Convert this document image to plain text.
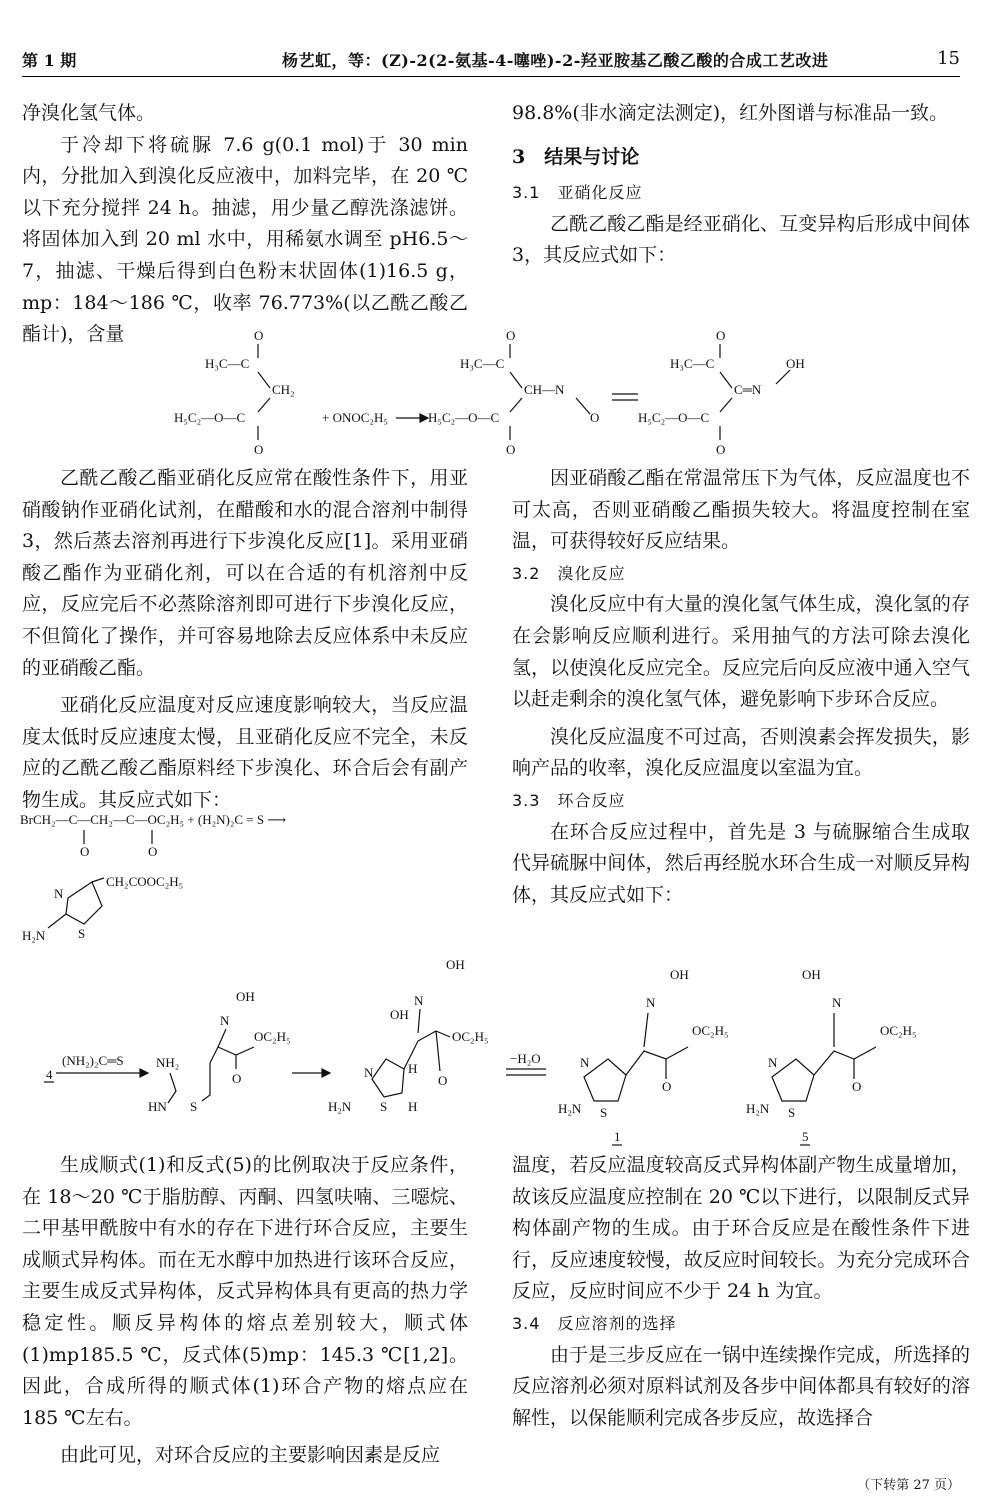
第 1 期	杨艺虹，等：(Z)-2(2-氨基-4-噻唑)-2-羟亚胺基乙酸乙酸的合成工艺改进	15

净溴化氢气体。

于冷却下将硫脲 7.6 g(0.1 mol)于 30 min 内，分批加入到溴化反应液中，加料完毕，在 20 ℃以下充分搅拌 24 h。抽滤，用少量乙醇洗涤滤饼。将固体加入到 20 ml 水中，用稀氨水调至 pH6.5～7，抽滤、干燥后得到白色粉末状固体(1)16.5 g，mp：184～186 ℃，收率 76.773%(以乙酰乙酸乙酯计)，含量

98.8%(非水滴定法测定)，红外图谱与标准品一致。

3　结果与讨论

3.1　亚硝化反应

乙酰乙酸乙酯是经亚硝化、互变异构后形成中间体 3，其反应式如下：

O
H₃C—C
CH₂
H₅C₂—O—C
O
+ ONOC₂H₅
O
H₃C—C
CH—N
O
H₅C₂—O—C
O
O
H₃C—C
C═N
OH
H₅C₂—O—C
O

乙酰乙酸乙酯亚硝化反应常在酸性条件下，用亚硝酸钠作亚硝化试剂，在醋酸和水的混合溶剂中制得 3，然后蒸去溶剂再进行下步溴化反应[1]。采用亚硝酸乙酯作为亚硝化剂，可以在合适的有机溶剂中反应，反应完后不必蒸除溶剂即可进行下步溴化反应，不但简化了操作，并可容易地除去反应体系中未反应的亚硝酸乙酯。

亚硝化反应温度对反应速度影响较大，当反应温度太低时反应速度太慢，且亚硝化反应不完全，未反应的乙酰乙酸乙酯原料经下步溴化、环合后会有副产物生成。其反应式如下：

BrCH₂—C—CH₂—C—OC₂H₅ + (H₂N)₂C = S ⟶
O	O
N
S
CH₂COOC₂H₅
H₂N

因亚硝酸乙酯在常温常压下为气体，反应温度也不可太高，否则亚硝酸乙酯损失较大。将温度控制在室温，可获得较好反应结果。

3.2　溴化反应

溴化反应中有大量的溴化氢气体生成，溴化氢的存在会影响反应顺利进行。采用抽气的方法可除去溴化氢，以使溴化反应完全。反应完后向反应液中通入空气以赶走剩余的溴化氢气体，避免影响下步环合反应。

溴化反应温度不可过高，否则溴素会挥发损失，影响产品的收率，溴化反应温度以室温为宜。

3.3　环合反应

在环合反应过程中，首先是 3 与硫脲缩合生成取代异硫脲中间体，然后再经脱水环合生成一对顺反异构体，其反应式如下：

4
(NH₂)₂C═S
OH
N
OC₂H₅
O
NH₂
HN S
OH
N
OH
OC₂H₅
O
N
S
H₂N
H
H
−H₂O
OH
N
OC₂H₅
O
N
S
H₂N
1
OH
N
OC₂H₅
O
N
S
H₂N
5

生成顺式(1)和反式(5)的比例取决于反应条件，在 18～20 ℃于脂肪醇、丙酮、四氢呋喃、三噁烷、二甲基甲酰胺中有水的存在下进行环合反应，主要生成顺式异构体。而在无水醇中加热进行该环合反应，主要生成反式异构体，反式异构体具有更高的热力学稳定性。顺反异构体的熔点差别较大，顺式体(1)mp185.5 ℃，反式体(5)mp：145.3 ℃[1,2]。因此，合成所得的顺式体(1)环合产物的熔点应在 185 ℃左右。

由此可见，对环合反应的主要影响因素是反应

温度，若反应温度较高反式异构体副产物生成量增加，故该反应温度应控制在 20 ℃以下进行，以限制反式异构体副产物的生成。由于环合反应是在酸性条件下进行，反应速度较慢，故反应时间较长。为充分完成环合反应，反应时间应不少于 24 h 为宜。

3.4　反应溶剂的选择

由于是三步反应在一锅中连续操作完成，所选择的反应溶剂必须对原料试剂及各步中间体都具有较好的溶解性，以保能顺利完成各步反应，故选择合

（下转第 27 页）
